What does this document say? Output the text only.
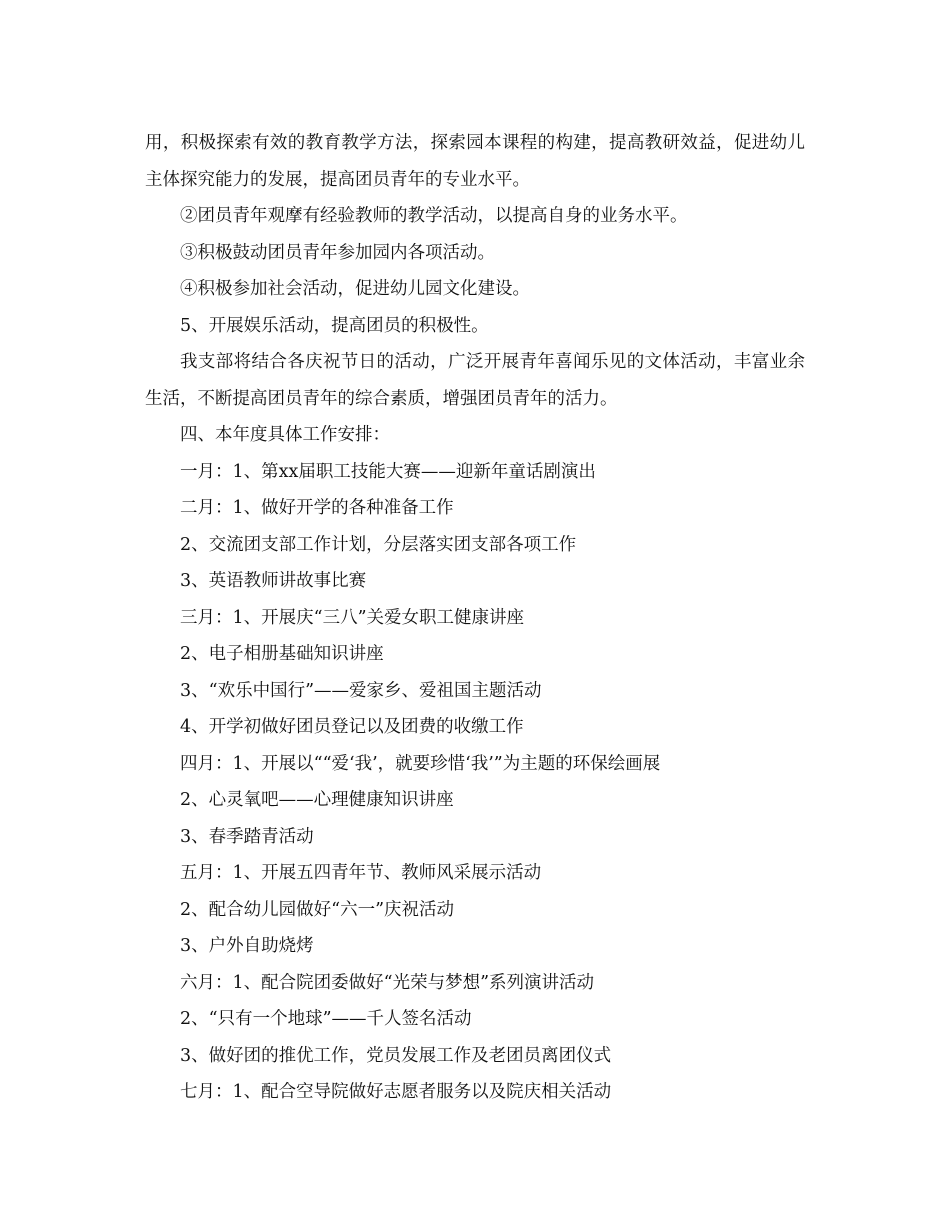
用，积极探索有效的教育教学方法，探索园本课程的构建，提高教研效益，促进幼儿主体探究能力的发展，提高团员青年的专业水平。

②团员青年观摩有经验教师的教学活动，以提高自身的业务水平。

③积极鼓动团员青年参加园内各项活动。

④积极参加社会活动，促进幼儿园文化建设。

5、开展娱乐活动，提高团员的积极性。

我支部将结合各庆祝节日的活动，广泛开展青年喜闻乐见的文体活动，丰富业余生活，不断提高团员青年的综合素质，增强团员青年的活力。

四、本年度具体工作安排：

一月：1、第xx届职工技能大赛——迎新年童话剧演出

二月：1、做好开学的各种准备工作

2、交流团支部工作计划，分层落实团支部各项工作

3、英语教师讲故事比赛

三月：1、开展庆“三八”关爱女职工健康讲座

2、电子相册基础知识讲座

3、“欢乐中国行”——爱家乡、爱祖国主题活动

4、开学初做好团员登记以及团费的收缴工作

四月：1、开展以““爱‘我’，就要珍惜‘我’”为主题的环保绘画展

2、心灵氧吧——心理健康知识讲座

3、春季踏青活动

五月：1、开展五四青年节、教师风采展示活动

2、配合幼儿园做好“六一”庆祝活动

3、户外自助烧烤

六月：1、配合院团委做好“光荣与梦想”系列演讲活动

2、“只有一个地球”——千人签名活动

3、做好团的推优工作，党员发展工作及老团员离团仪式

七月：1、配合空导院做好志愿者服务以及院庆相关活动
